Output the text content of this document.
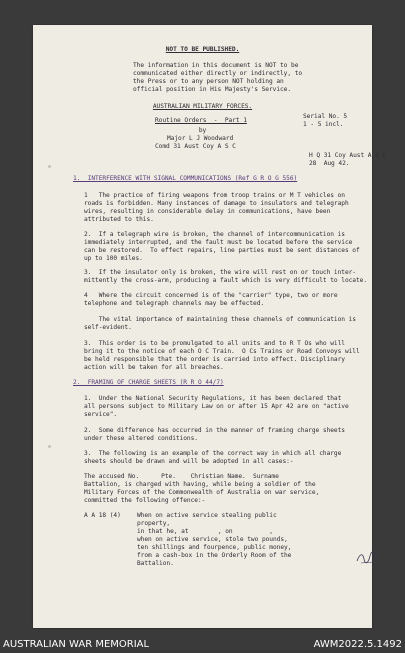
NOT TO BE PUBLISHED.
The information in this document is NOT to be
communicated either directly or indirectly, to
the Press or to any person NOT holding an
official position in His Majesty's Service.
AUSTRALIAN MILITARY FORCES.
Routine Orders  -  Part 1
Serial No. 5
1 - 5 incl.
by
Major L J Woodward
Comd 31 Aust Coy A S C
H Q 31 Coy Aust A S C
28  Aug 42.
1.  INTERFERENCE WITH SIGNAL COMMUNICATIONS (Ref G R O G 556)
1   The practice of firing weapons from troop trains or M T vehicles on
roads is forbidden. Many instances of damage to insulators and telegraph
wires, resulting in considerable delay in communications, have been
attributed to this.
2.  If a telegraph wire is broken, the channel of intercommunication is
immediately interrupted, and the fault must be located before the service
can be restored.  To effect repairs, line parties must be sent distances of
up to 100 miles.
3.  If the insulator only is broken, the wire will rest on or touch inter-
mittently the cross-arm, producing a fault which is very difficult to locate.
4   Where the circuit concerned is of the "carrier" type, two or more
telephone and telegraph channels may be effected.
The vital importance of maintaining these channels of communication is
self-evident.
3.  This order is to be promulgated to all units and to R T Os who will
bring it to the notice of each O C Train.  O Cs Trains or Road Convoys will
be held responsible that the order is carried into effect. Disciplinary
action will be taken for all breaches.
2.  FRAMING OF CHARGE SHEETS (R R O 44/7)
1.  Under the National Security Regulations, it has been declared that
all persons subject to Military Law on or after 15 Apr 42 are on "active
service".
2.  Some difference has occurred in the manner of framing charge sheets
under these altered conditions.
3.  The following is an example of the correct way in which all charge
sheets should be drawn and will be adopted in all cases:-
The accused No.      Pte.    Christian Name.  Surname
Battalion, is charged with having, while being a soldier of the
Military Forces of the Commonwealth of Australia on war service,
committed the following offence:-
A A 18 (4)	When on active service stealing public
property,
in that he, at        , on          ,
when on active service, stole two pounds,
ten shillings and fourpence, public money,
from a cash-box in the Orderly Room of the
Battalion.
AUSTRALIAN WAR MEMORIAL	AWM2022.5.1492
